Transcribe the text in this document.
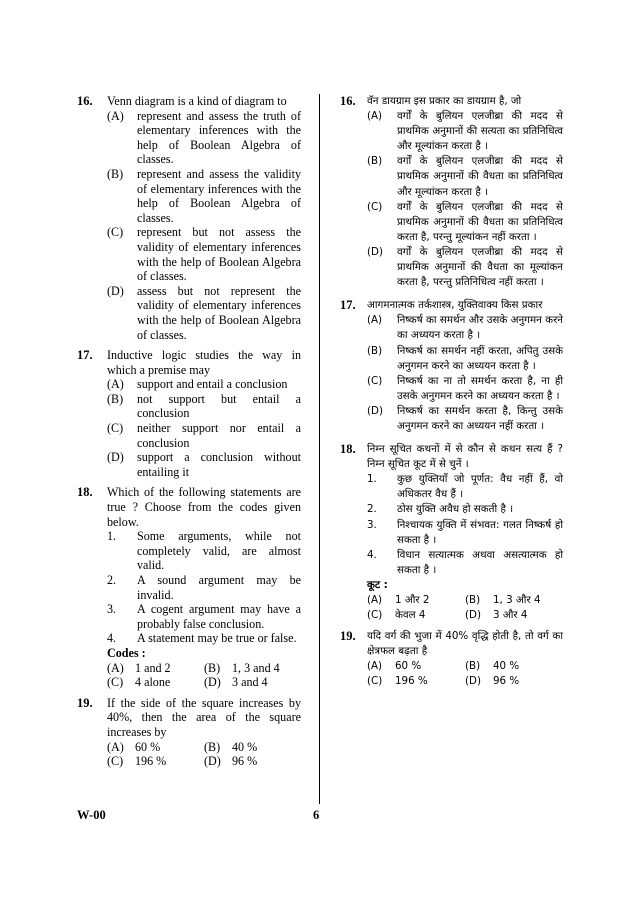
16. Venn diagram is a kind of diagram to
(A) represent and assess the truth of elementary inferences with the help of Boolean Algebra of classes.
(B) represent and assess the validity of elementary inferences with the help of Boolean Algebra of classes.
(C) represent but not assess the validity of elementary inferences with the help of Boolean Algebra of classes.
(D) assess but not represent the validity of elementary inferences with the help of Boolean Algebra of classes.
17. Inductive logic studies the way in which a premise may
(A) support and entail a conclusion
(B) not support but entail a conclusion
(C) neither support nor entail a conclusion
(D) support a conclusion without entailing it
18. Which of the following statements are true ? Choose from the codes given below.
1. Some arguments, while not completely valid, are almost valid.
2. A sound argument may be invalid.
3. A cogent argument may have a probably false conclusion.
4. A statement may be true or false.
Codes :
(A) 1 and 2	(B) 1, 3 and 4
(C) 4 alone	(D) 3 and 4
19. If the side of the square increases by 40%, then the area of the square increases by
(A) 60 %	(B) 40 %
(C) 196 %	(D) 96 %
16. वॅन डायग्राम इस प्रकार का डायग्राम है, जो
(A) वर्गों के बुलियन एलजीब्रा की मदद से प्राथमिक अनुमानों की सत्यता का प्रतिनिधित्व और मूल्यांकन करता है ।
(B) वर्गों के बुलियन एलजीब्रा की मदद से प्राथमिक अनुमानों की वैधता का प्रतिनिधित्व और मूल्यांकन करता है ।
(C) वर्गों के बुलियन एलजीब्रा की मदद से प्राथमिक अनुमानों की वैधता का प्रतिनिधित्व करता है, परन्तु मूल्यांकन नहीं करता ।
(D) वर्गों के बुलियन एलजीब्रा की मदद से प्राथमिक अनुमानों की वैधता का मूल्यांकन करता है, परन्तु प्रतिनिधित्व नहीं करता ।
17. आगमनात्मक तर्कशास्त्र, युक्तिवाक्य किस प्रकार
(A) निष्कर्ष का समर्थन और उसके अनुगमन करने का अध्ययन करता है ।
(B) निष्कर्ष का समर्थन नहीं करता, अपितु उसके अनुगमन करने का अध्ययन करता है ।
(C) निष्कर्ष का ना तो समर्थन करता है, ना ही उसके अनुगमन करने का अध्ययन करता है ।
(D) निष्कर्ष का समर्थन करता है, किन्तु उसके अनुगमन करने का अध्ययन नहीं करता ।
18. निम्न सूचित कथनों में से कौन से कथन सत्य हैं ? निम्न सूचित कूट में से चुनें ।
1. कुछ युक्तियाँ जो पूर्णत: वैध नहीं हैं, वो अधिकतर वैध हैं ।
2. ठोस युक्ति अवैध हो सकती है ।
3. निश्चायक युक्ति में संभवत: गलत निष्कर्ष हो सकता है ।
4. विधान सत्यात्मक अथवा असत्यात्मक हो सकता है ।
कूट :
(A) 1 और 2	(B) 1, 3 और 4
(C) केवल 4	(D) 3 और 4
19. यदि वर्ग की भुजा में 40% वृद्धि होती है, तो वर्ग का क्षेत्रफल बढ़ता है
(A) 60 %	(B) 40 %
(C) 196 %	(D) 96 %
W-00	6
